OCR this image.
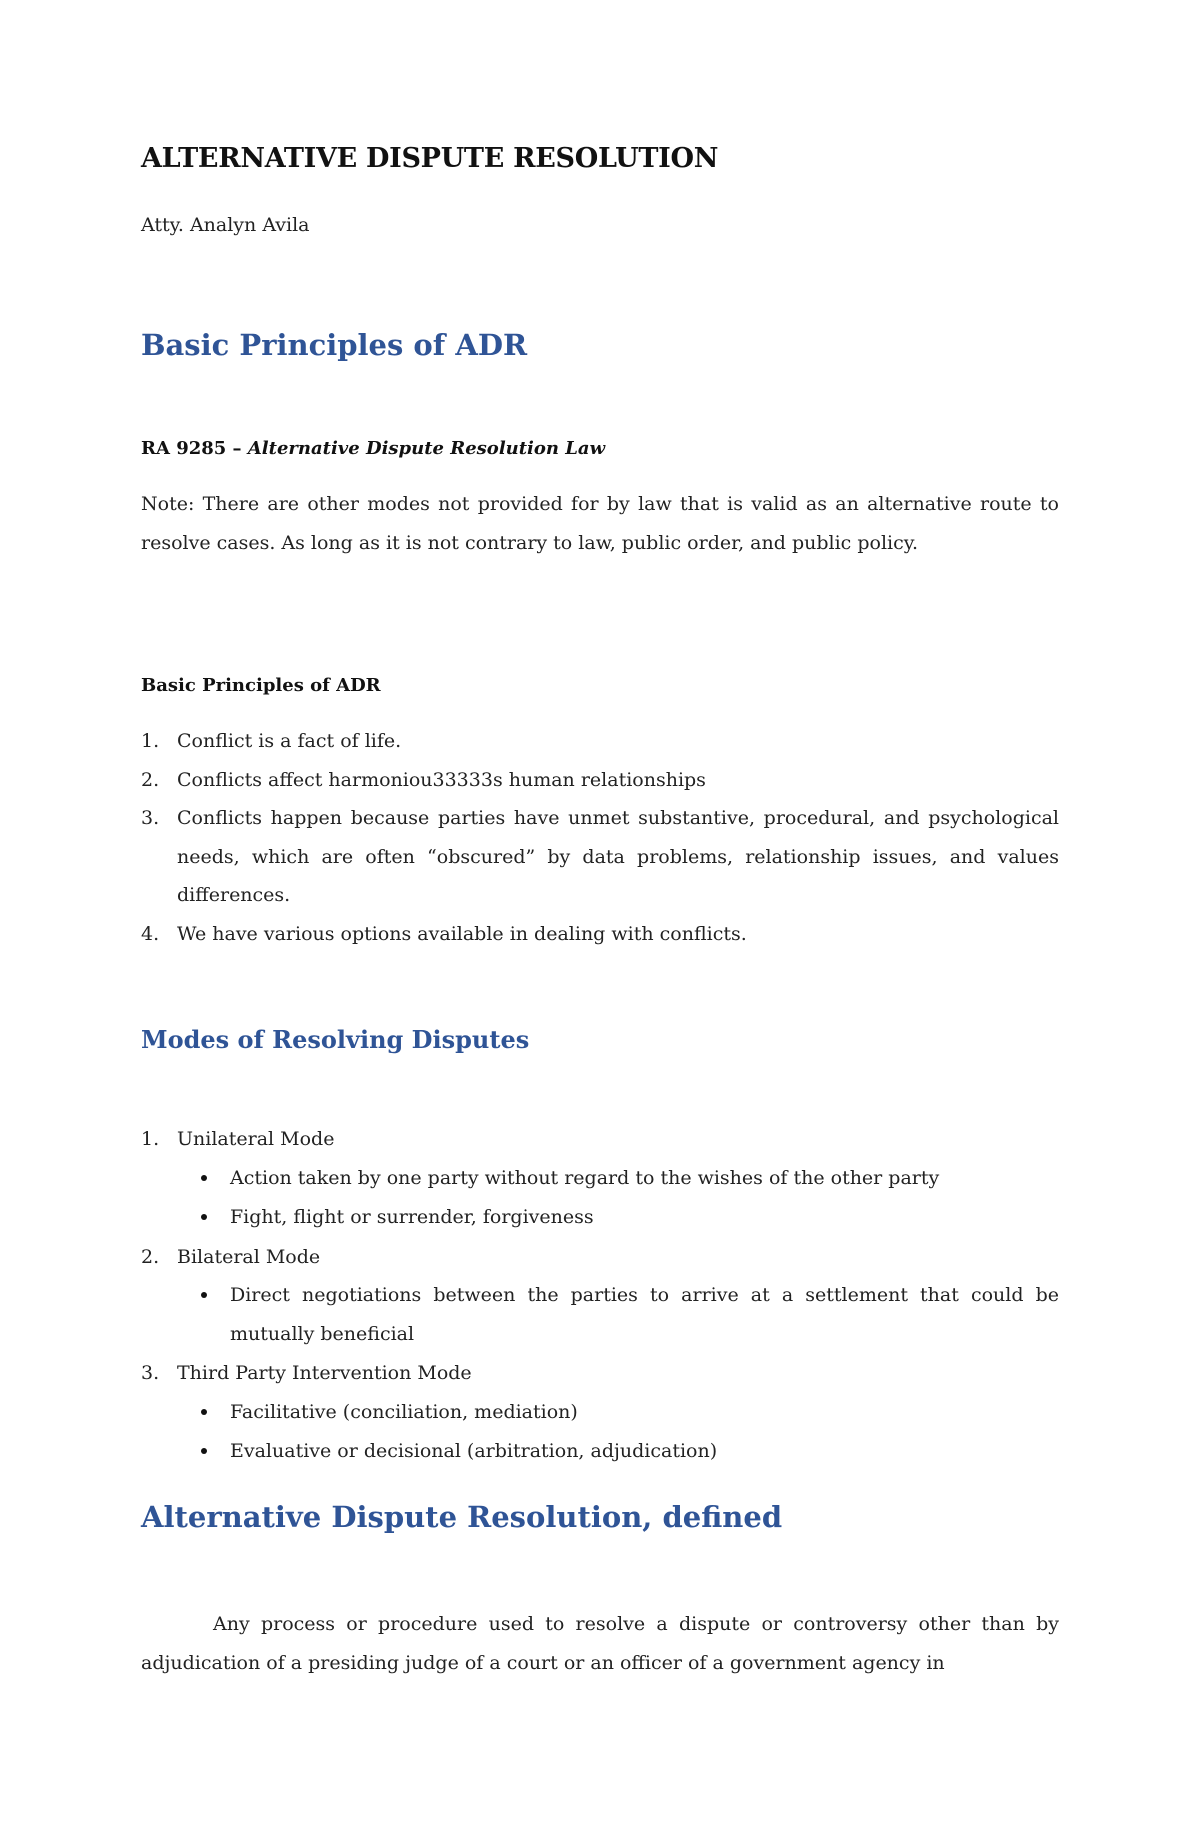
ALTERNATIVE DISPUTE RESOLUTION
Atty. Analyn Avila
Basic Principles of ADR
RA 9285 – Alternative Dispute Resolution Law
Note: There are other modes not provided for by law that is valid as an alternative route to resolve cases. As long as it is not contrary to law, public order, and public policy.
Basic Principles of ADR
1. Conflict is a fact of life.
2. Conflicts affect harmoniou33333s human relationships
3. Conflicts happen because parties have unmet substantive, procedural, and psychological needs, which are often “obscured” by data problems, relationship issues, and values differences.
4. We have various options available in dealing with conflicts.
Modes of Resolving Disputes
1. Unilateral Mode
Action taken by one party without regard to the wishes of the other party
Fight, flight or surrender, forgiveness
2. Bilateral Mode
Direct negotiations between the parties to arrive at a settlement that could be mutually beneficial
3. Third Party Intervention Mode
Facilitative (conciliation, mediation)
Evaluative or decisional (arbitration, adjudication)
Alternative Dispute Resolution, defined
Any process or procedure used to resolve a dispute or controversy other than by adjudication of a presiding judge of a court or an officer of a government agency in
